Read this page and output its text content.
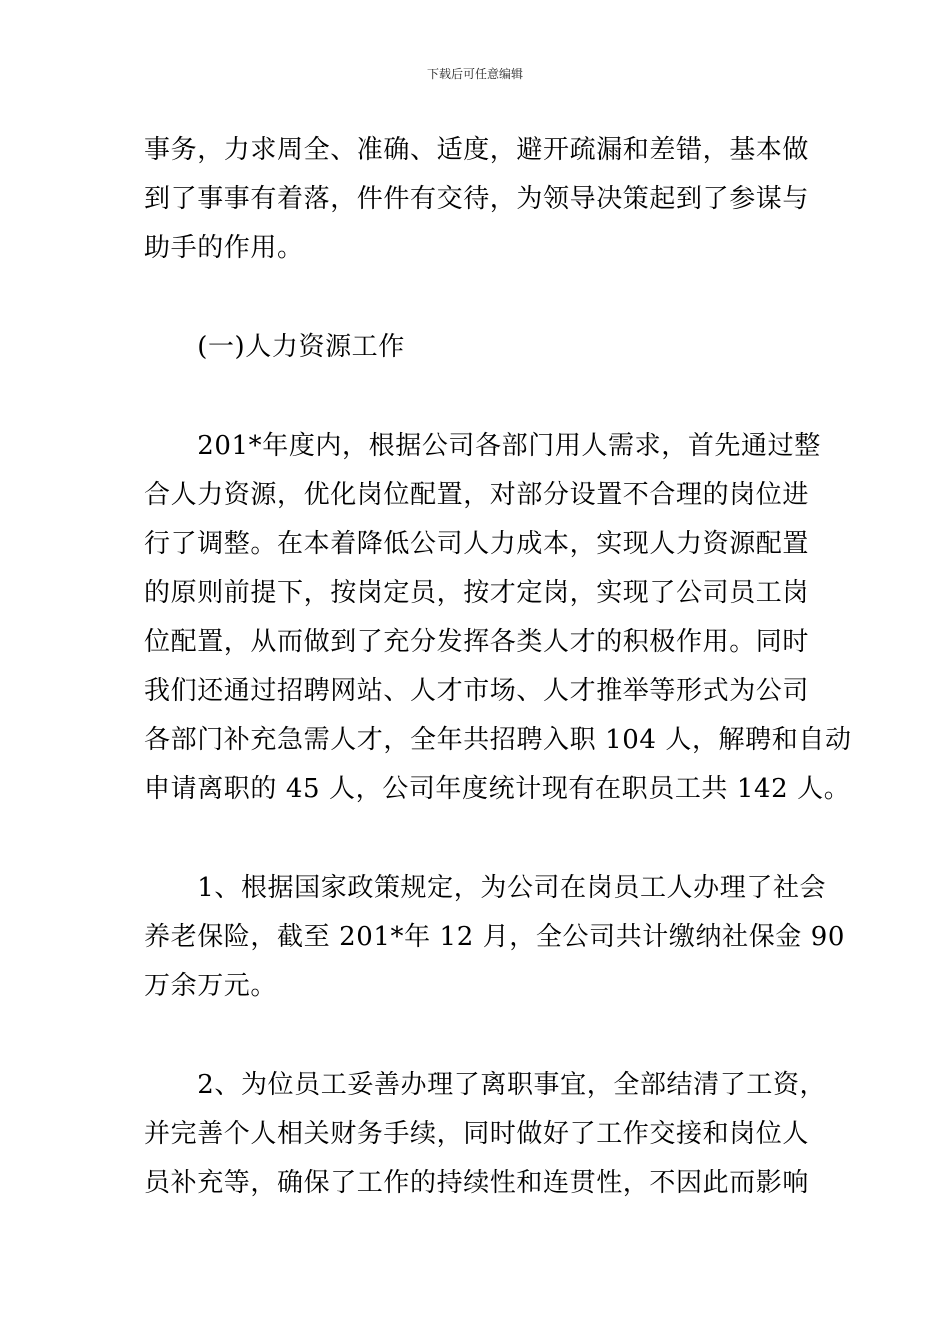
下载后可任意编辑
事务，力求周全、准确、适度，避开疏漏和差错，基本做
到了事事有着落，件件有交待，为领导决策起到了参谋与
助手的作用。
　　(一)人力资源工作
　　201*年度内，根据公司各部门用人需求，首先通过整
合人力资源，优化岗位配置，对部分设置不合理的岗位进
行了调整。在本着降低公司人力成本，实现人力资源配置
的原则前提下，按岗定员，按才定岗，实现了公司员工岗
位配置，从而做到了充分发挥各类人才的积极作用。同时
我们还通过招聘网站、人才市场、人才推举等形式为公司
各部门补充急需人才，全年共招聘入职 104 人，解聘和自动
申请离职的 45 人，公司年度统计现有在职员工共 142 人。
　　1、根据国家政策规定，为公司在岗员工人办理了社会
养老保险，截至 201*年 12 月，全公司共计缴纳社保金 90
万余万元。
　　2、为位员工妥善办理了离职事宜，全部结清了工资，
并完善个人相关财务手续，同时做好了工作交接和岗位人
员补充等，确保了工作的持续性和连贯性，不因此而影响
